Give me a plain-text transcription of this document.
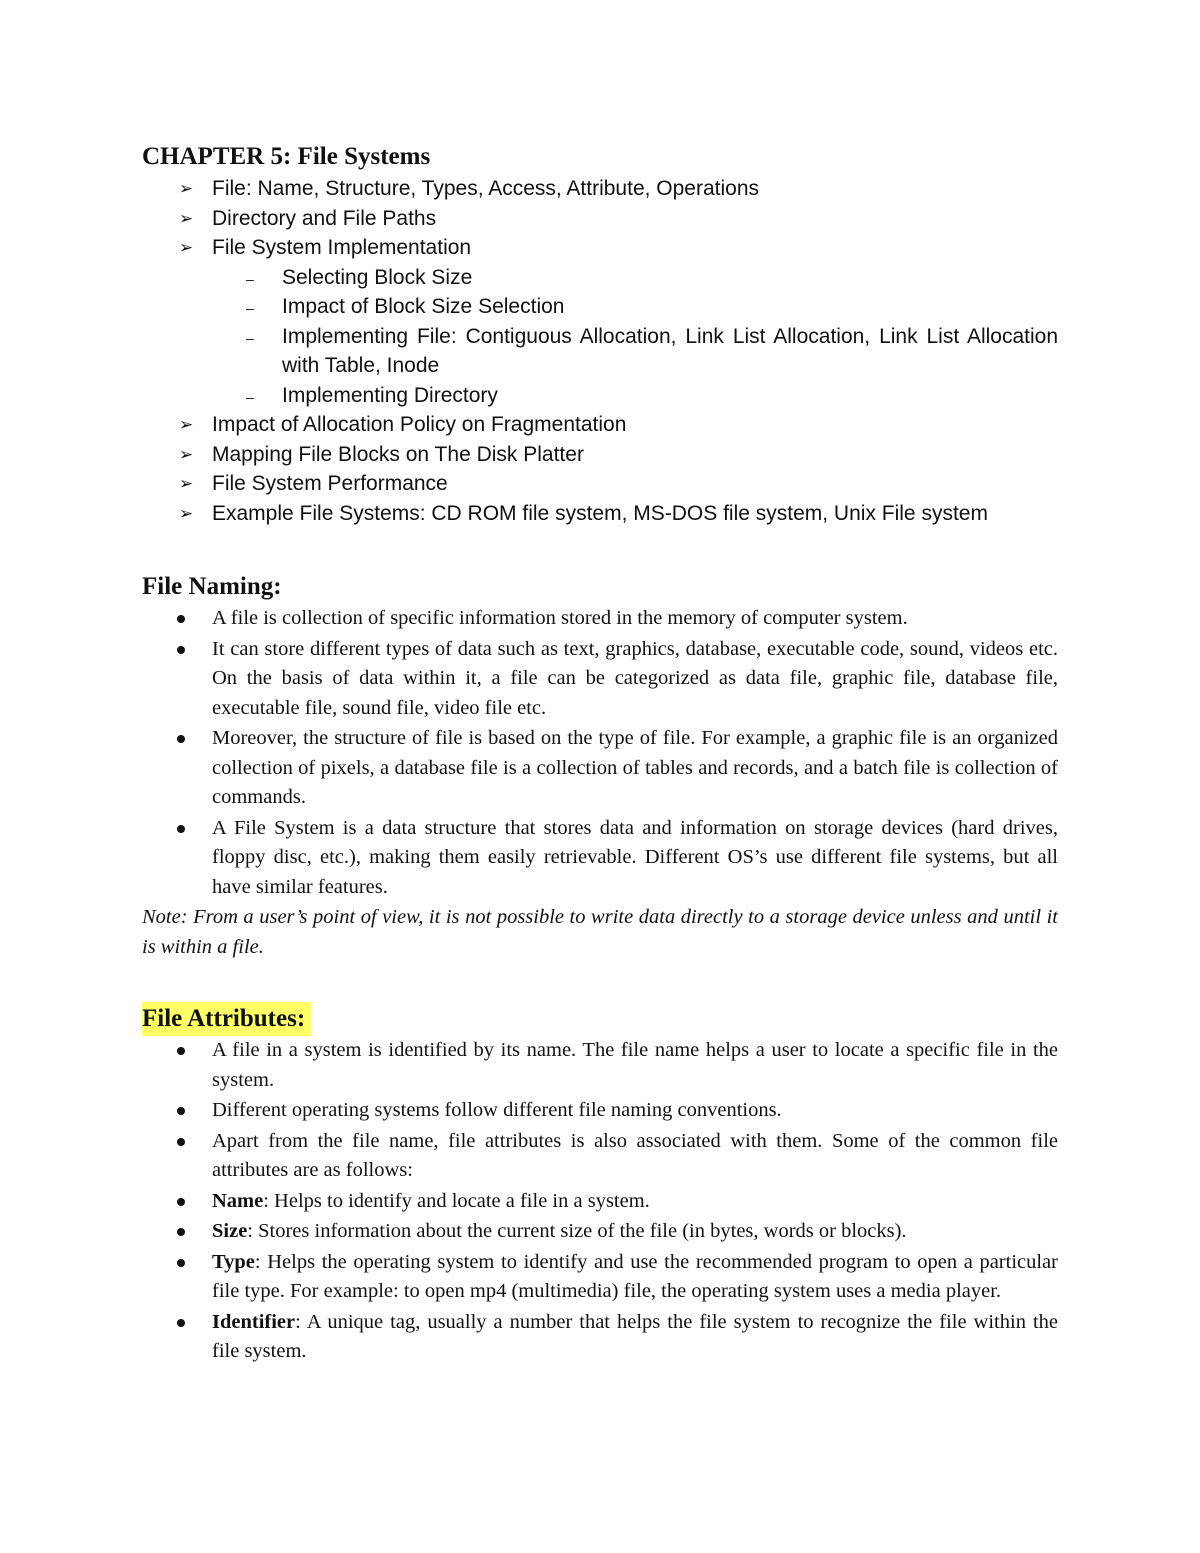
CHAPTER 5: File Systems
➢ File: Name, Structure, Types, Access, Attribute, Operations
➢ Directory and File Paths
➢ File System Implementation
– Selecting Block Size
– Impact of Block Size Selection
– Implementing File: Contiguous Allocation, Link List Allocation, Link List Allocation with Table, Inode
– Implementing Directory
➢ Impact of Allocation Policy on Fragmentation
➢ Mapping File Blocks on The Disk Platter
➢ File System Performance
➢ Example File Systems: CD ROM file system, MS-DOS file system, Unix File system
File Naming:
A file is collection of specific information stored in the memory of computer system.
It can store different types of data such as text, graphics, database, executable code, sound, videos etc. On the basis of data within it, a file can be categorized as data file, graphic file, database file, executable file, sound file, video file etc.
Moreover, the structure of file is based on the type of file. For example, a graphic file is an organized collection of pixels, a database file is a collection of tables and records, and a batch file is collection of commands.
A File System is a data structure that stores data and information on storage devices (hard drives, floppy disc, etc.), making them easily retrievable. Different OS’s use different file systems, but all have similar features.

Note: From a user’s point of view, it is not possible to write data directly to a storage device unless and until it is within a file.

File Attributes:
A file in a system is identified by its name. The file name helps a user to locate a specific file in the system.
Different operating systems follow different file naming conventions.
Apart from the file name, file attributes is also associated with them. Some of the common file attributes are as follows:
Name: Helps to identify and locate a file in a system.
Size: Stores information about the current size of the file (in bytes, words or blocks).
Type: Helps the operating system to identify and use the recommended program to open a particular file type. For example: to open mp4 (multimedia) file, the operating system uses a media player.
Identifier: A unique tag, usually a number that helps the file system to recognize the file within the file system.
